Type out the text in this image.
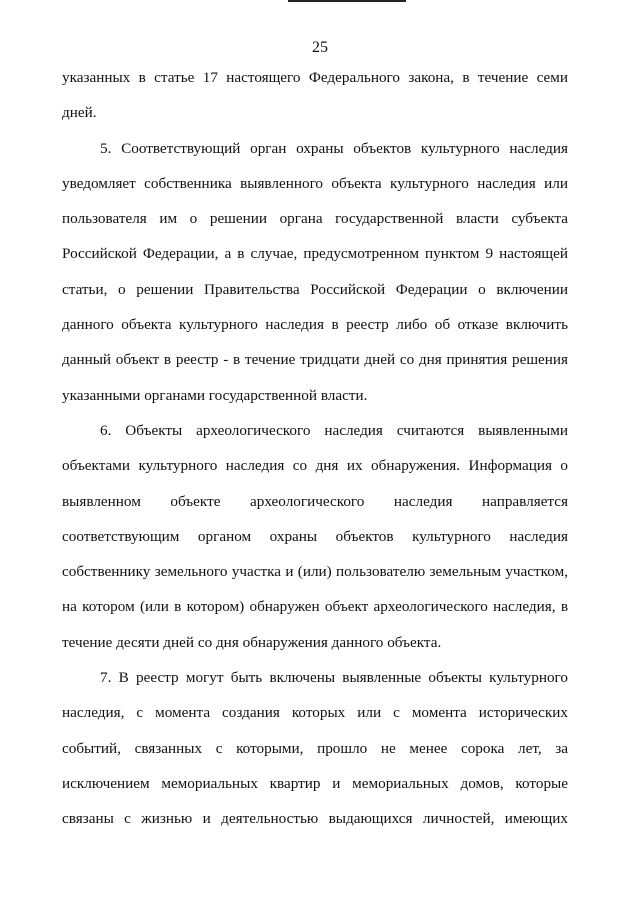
25
указанных в статье 17 настоящего Федерального закона, в течение семи
дней.
5. Соответствующий орган охраны объектов культурного наследия
уведомляет собственника выявленного объекта культурного наследия или
пользователя им о решении органа государственной власти субъекта
Российской Федерации, а в случае, предусмотренном пунктом 9 настоящей
статьи, о решении Правительства Российской Федерации о включении
данного объекта культурного наследия в реестр либо об отказе включить
данный объект в реестр - в течение тридцати дней со дня принятия решения
указанными органами государственной власти.
6. Объекты археологического наследия считаются выявленными
объектами культурного наследия со дня их обнаружения. Информация о
выявленном объекте археологического наследия направляется
соответствующим органом охраны объектов культурного наследия
собственнику земельного участка и (или) пользователю земельным участком,
на котором (или в котором) обнаружен объект археологического наследия, в
течение десяти дней со дня обнаружения данного объекта.
7. В реестр могут быть включены выявленные объекты культурного
наследия, с момента создания которых или с момента исторических
событий, связанных с которыми, прошло не менее сорока лет, за
исключением мемориальных квартир и мемориальных домов, которые
связаны с жизнью и деятельностью выдающихся личностей, имеющих
